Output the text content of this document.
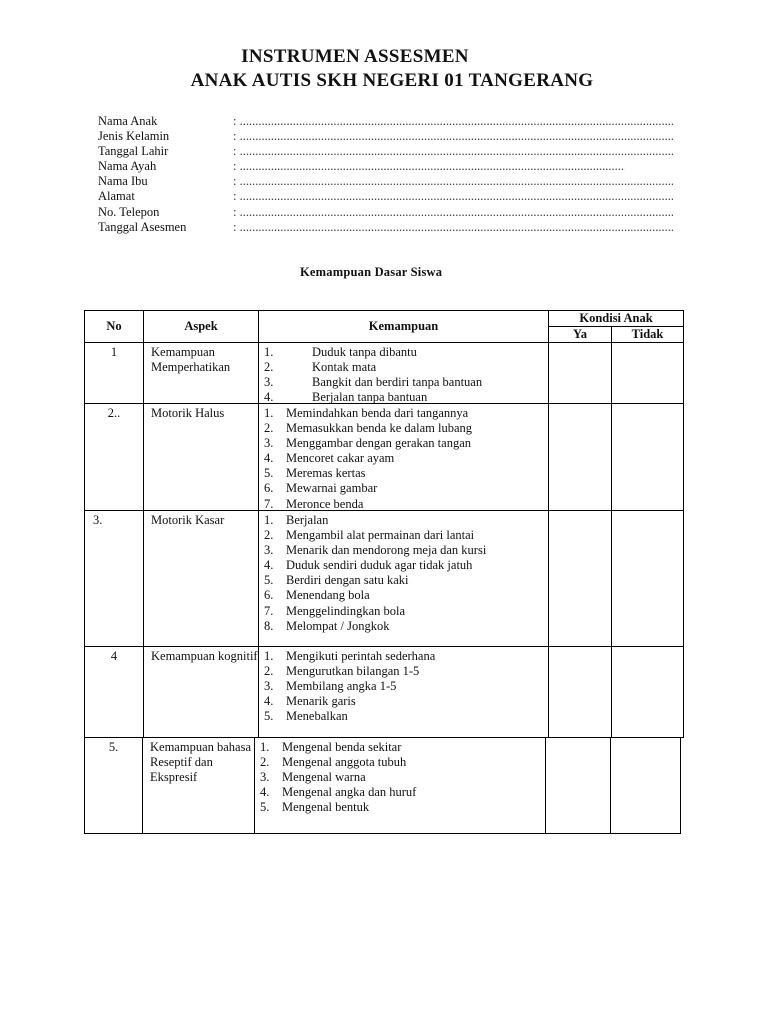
INSTRUMEN ASSESMEN
ANAK AUTIS SKH NEGERI 01 TANGERANG
Nama Anak
: ......................................................................................................................................................................................
Jenis Kelamin
: ......................................................................................................................................................................................
Tanggal Lahir
: ......................................................................................................................................................................................
Nama Ayah
: ......................................................................................................................................................................................
Nama Ibu
: ......................................................................................................................................................................................
Alamat
: ......................................................................................................................................................................................
No. Telepon
: ......................................................................................................................................................................................
Tanggal Asesmen
: ......................................................................................................................................................................................
Kemampuan Dasar Siswa
No	Aspek	Kemampuan
Kondisi Anak
Ya	Tidak
1	Kemampuan Memperhatikan
1.	Duduk tanpa dibantu
2.	Kontak mata
3.	Bangkit dan berdiri tanpa bantuan
4.	Berjalan tanpa bantuan
2..	Motorik Halus	1.	Memindahkan benda dari tangannya
2.	Memasukkan benda ke dalam lubang
3.	Menggambar dengan gerakan tangan
4.	Mencoret cakar ayam
5.	Meremas kertas
6.	Mewarnai gambar
7.	Meronce benda
3.	Motorik Kasar	1.	Berjalan
2.	Mengambil alat permainan dari lantai
3.	Menarik dan mendorong meja dan kursi
4.	Duduk sendiri duduk agar tidak jatuh
5.	Berdiri dengan satu kaki
6.	Menendang bola
7.	Menggelindingkan bola
8.	Melompat / Jongkok
4	Kemampuan kognitif 1.	Mengikuti perintah sederhana
2.	Mengurutkan bilangan 1-5
3.	Membilang angka 1-5
4.	Menarik garis
5.	Menebalkan
5.	Kemampuan bahasa Reseptif dan Ekspresif
1.	Mengenal benda sekitar
2.	Mengenal anggota tubuh
3.	Mengenal warna
4.	Mengenal angka dan huruf
5.	Mengenal bentuk
